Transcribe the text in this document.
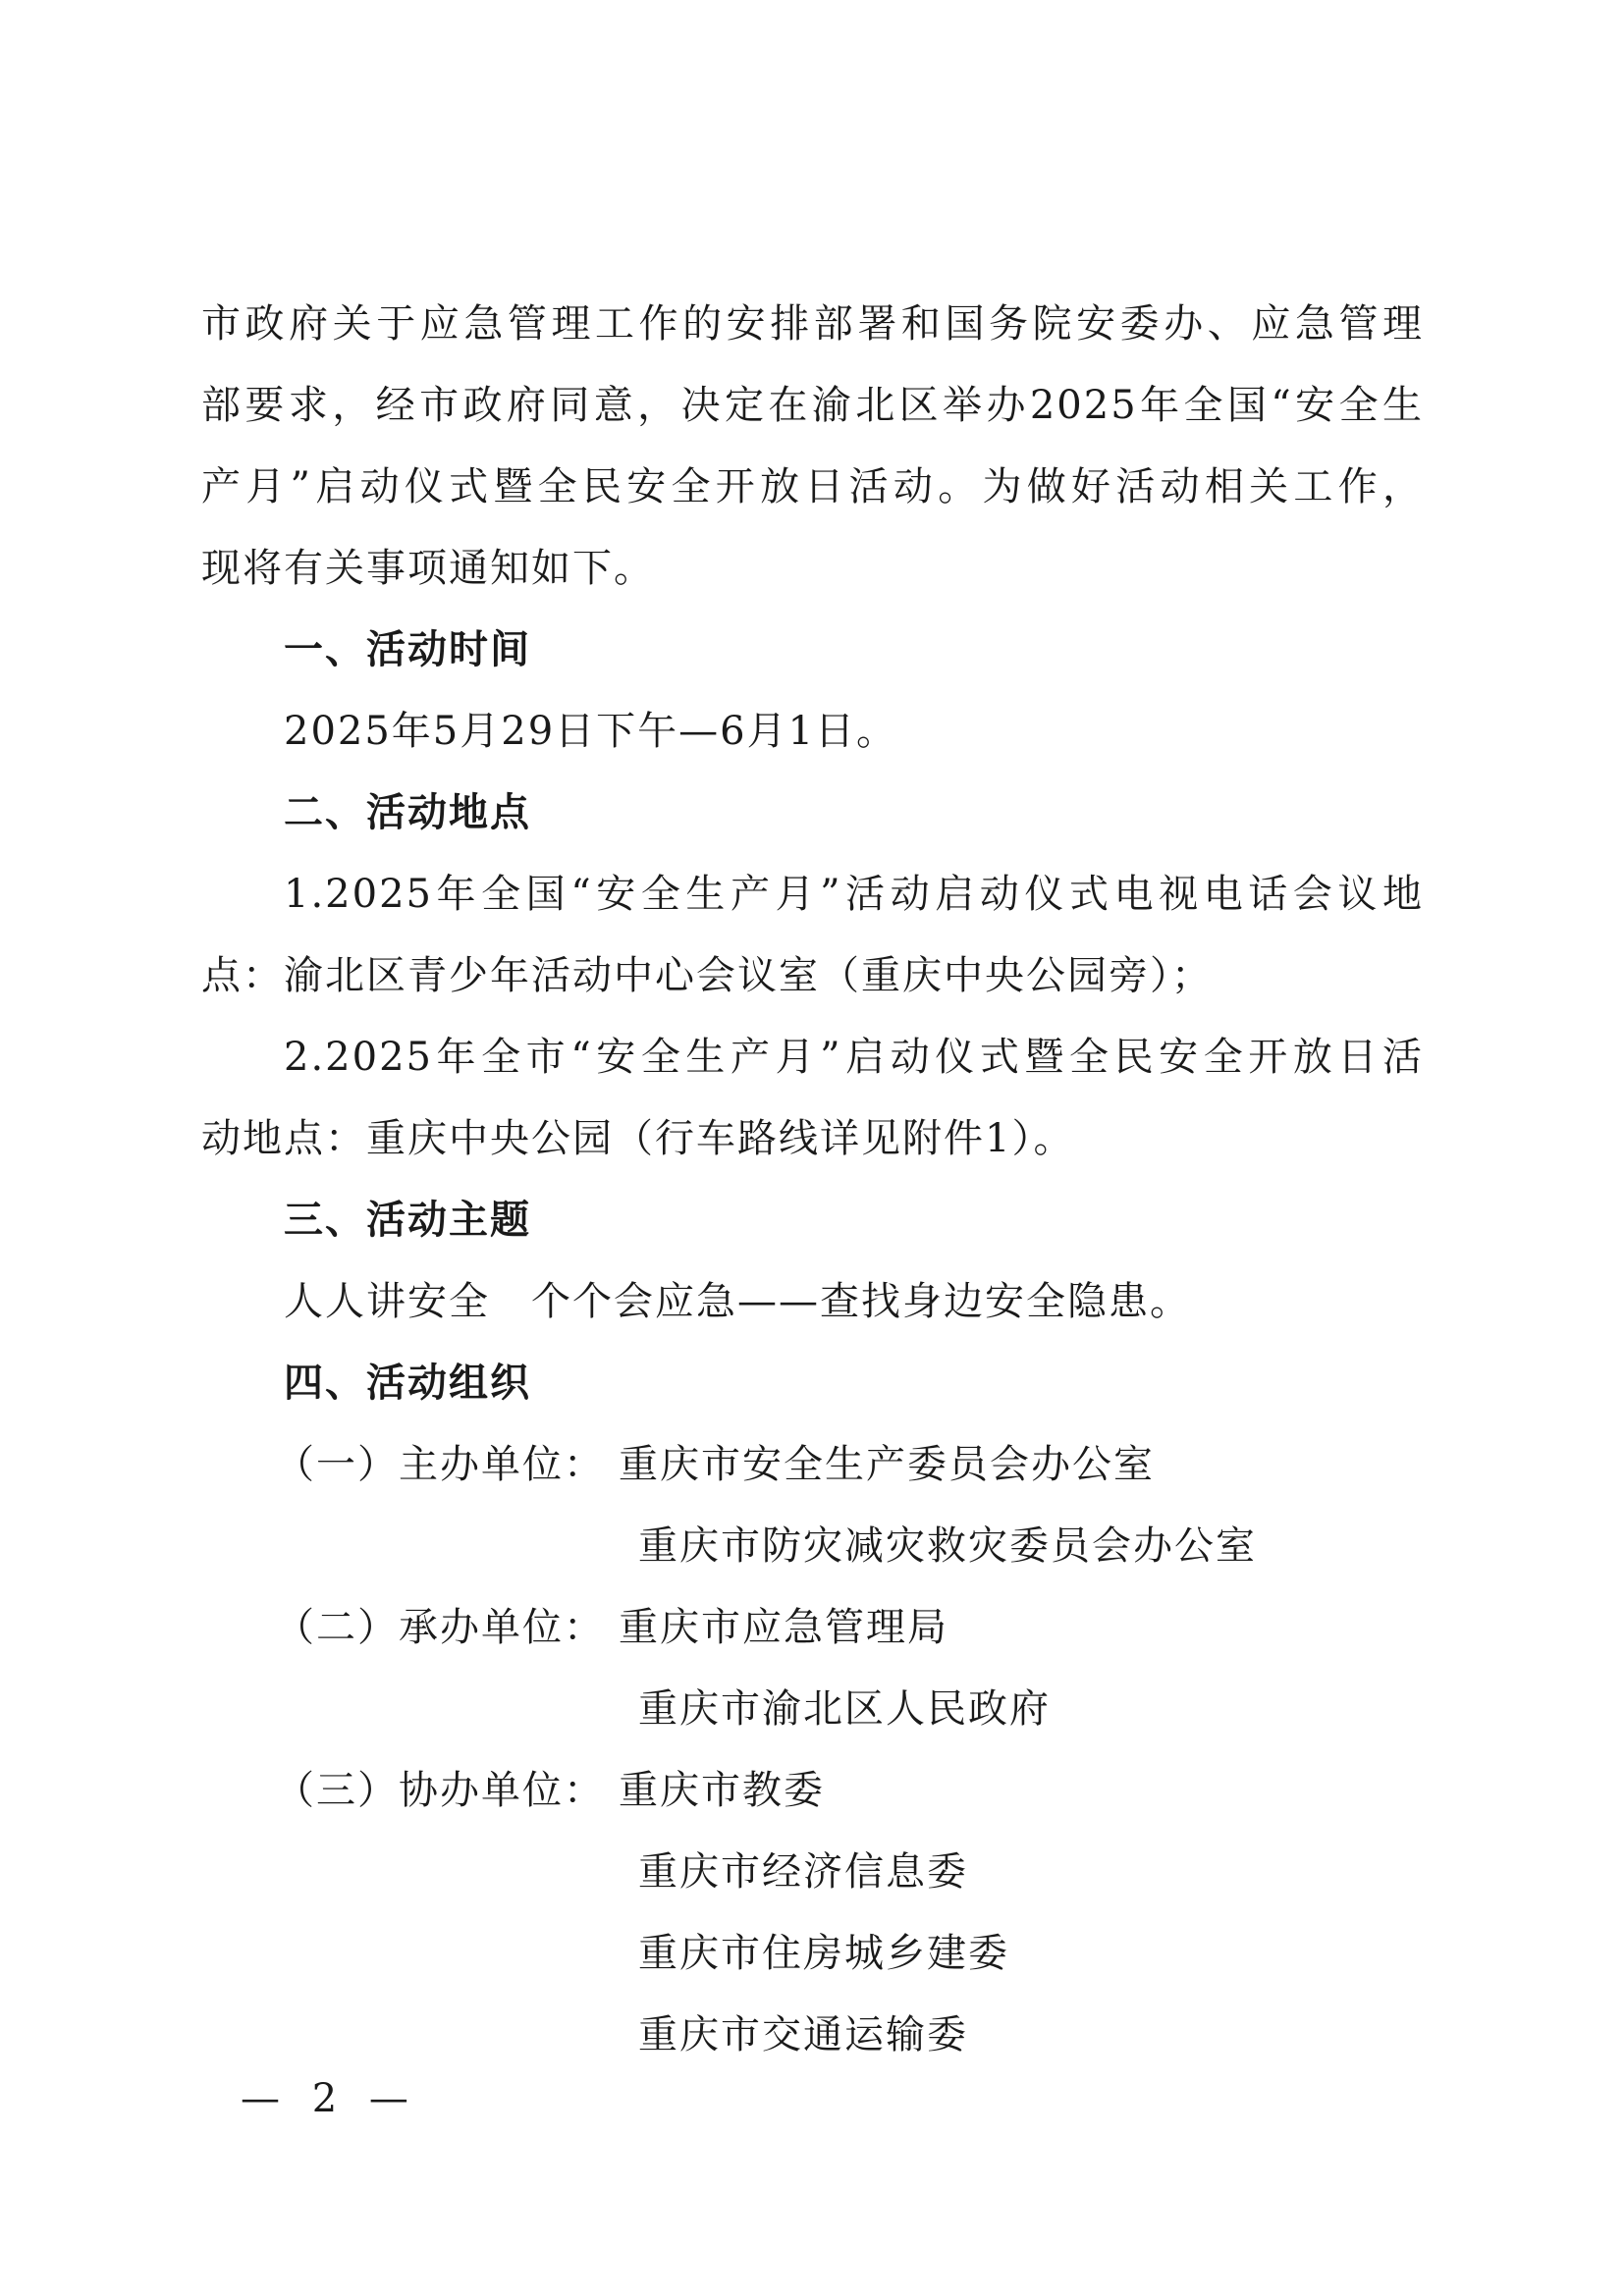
市政府关于应急管理工作的安排部署和国务院安委办、应急管理
部要求，经市政府同意，决定在渝北区举办2025年全国“安全生
产月”启动仪式暨全民安全开放日活动。为做好活动相关工作，
现将有关事项通知如下。
一、活动时间
2025年5月29日下午—6月1日。
二、活动地点
1.2025年全国“安全生产月”活动启动仪式电视电话会议地
点：渝北区青少年活动中心会议室（重庆中央公园旁）；
2.2025年全市“安全生产月”启动仪式暨全民安全开放日活
动地点：重庆中央公园（行车路线详见附件1）。
三、活动主题
人人讲安全　个个会应急——查找身边安全隐患。
四、活动组织
（一）主办单位： 重庆市安全生产委员会办公室
重庆市防灾减灾救灾委员会办公室
（二）承办单位： 重庆市应急管理局
重庆市渝北区人民政府
（三）协办单位： 重庆市教委
重庆市经济信息委
重庆市住房城乡建委
重庆市交通运输委
— 2 —
